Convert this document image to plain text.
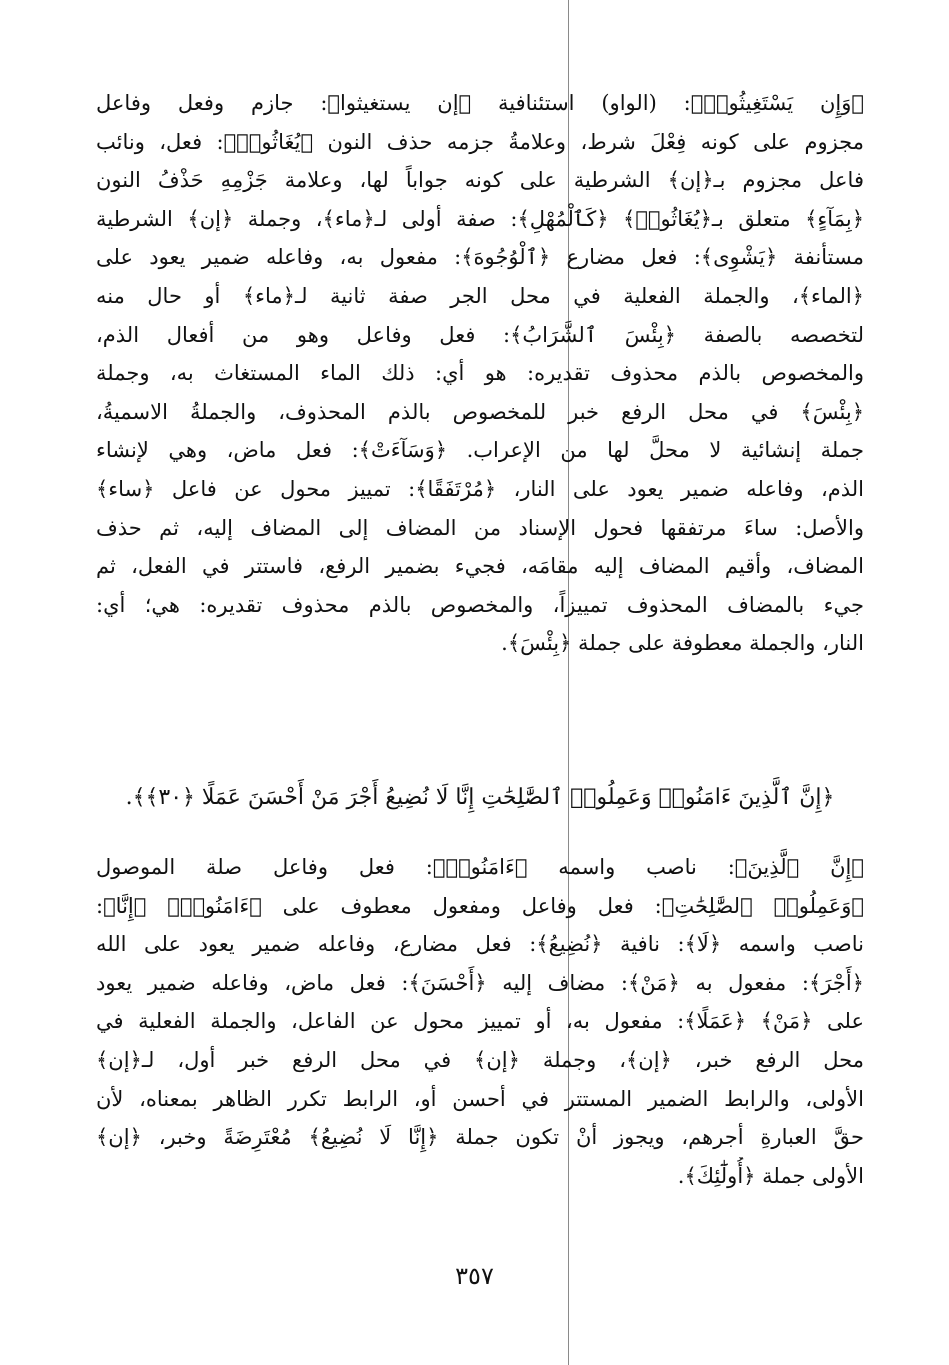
﴿وَإِن يَسْتَغِيثُوا۟﴾: (الواو) استئنافية ﴿إن يستغيثوا﴾: جازم وفعل وفاعل
مجزوم على كونه فِعْلَ شرط، وعلامةُ جزمه حذف النون ﴿يُغَاثُوا۟﴾: فعل، ونائب
فاعل مجزوم بـ﴿إن﴾ الشرطية على كونه جواباً لها، وعلامة جَزْمِهِ حَذْفُ النون
﴿بِمَآءٍ﴾ متعلق بـ﴿يُغَاثُوا۟﴾ ﴿كَٱلْمُهْلِ﴾: صفة أولى لـ﴿ماء﴾، وجملة ﴿إن﴾ الشرطية
مستأنفة ﴿يَشْوِى﴾: فعل مضارع ﴿ٱلْوُجُوهَ﴾: مفعول به، وفاعله ضمير يعود على
﴿الماء﴾، والجملة الفعلية في محل الجر صفة ثانية لـ﴿ماء﴾ أو حال منه
لتخصصه بالصفة ﴿بِئْسَ ٱلشَّرَابُ﴾: فعل وفاعل وهو من أفعال الذم،
والمخصوص بالذم محذوف تقديره: هو أي: ذلك الماء المستغاث به، وجملة
﴿بِئْسَ﴾ في محل الرفع خبر للمخصوص بالذم المحذوف، والجملةُ الاسميةُ،
جملة إنشائية لا محلَّ لها من الإعراب. ﴿وَسَآءَتْ﴾: فعل ماض، وهي لإنشاء
الذم، وفاعله ضمير يعود على النار، ﴿مُرْتَفَقًا﴾: تمييز محول عن فاعل ﴿ساء﴾
والأصل: ساءَ مرتفقها فحول الإسناد من المضاف إلى المضاف إليه، ثم حذف
المضاف، وأقيم المضاف إليه مقامَه، فجيء بضمير الرفع، فاستتر في الفعل، ثم
جيء بالمضاف المحذوف تمييزاً، والمخصوص بالذم محذوف تقديره: هي؛ أي:
النار، والجملة معطوفة على جملة ﴿بِئْسَ﴾.
﴿إِنَّ ٱلَّذِينَ ءَامَنُوا۟ وَعَمِلُوا۟ ٱلصَّٰلِحَٰتِ إِنَّا لَا نُضِيعُ أَجْرَ مَنْ أَحْسَنَ عَمَلًا ﴿٣٠﴾﴾.
﴿إِنَّ ٱلَّذِينَ﴾: ناصب واسمه ﴿ءَامَنُوا۟﴾: فعل وفاعل صلة الموصول
﴿وَعَمِلُوا۟ ٱلصَّٰلِحَٰتِ﴾: فعل وفاعل ومفعول معطوف على ﴿ءَامَنُوا۟﴾ ﴿إِنَّا﴾:
ناصب واسمه ﴿لَا﴾: نافية ﴿نُضِيعُ﴾: فعل مضارع، وفاعله ضمير يعود على الله
﴿أَجْرَ﴾: مفعول به ﴿مَنْ﴾: مضاف إليه ﴿أَحْسَنَ﴾: فعل ماض، وفاعله ضمير يعود
على ﴿مَنْ﴾ ﴿عَمَلًا﴾: مفعول به، أو تمييز محول عن الفاعل، والجملة الفعلية في
محل الرفع خبر، ﴿إن﴾، وجملة ﴿إن﴾ في محل الرفع خبر أول، لـ﴿إن﴾
الأولى، والرابط الضمير المستتر في أحسن أو، الرابط تكرر الظاهر بمعناه، لأن
حقَّ العبارةِ أجرهم، ويجوز أنْ تكون جملة ﴿إِنَّا لَا نُضِيعُ﴾ مُعْتَرِضَةً وخبر، ﴿إن﴾
الأولى جملة ﴿أُولَٰٓئِكَ﴾.
٣٥٧
